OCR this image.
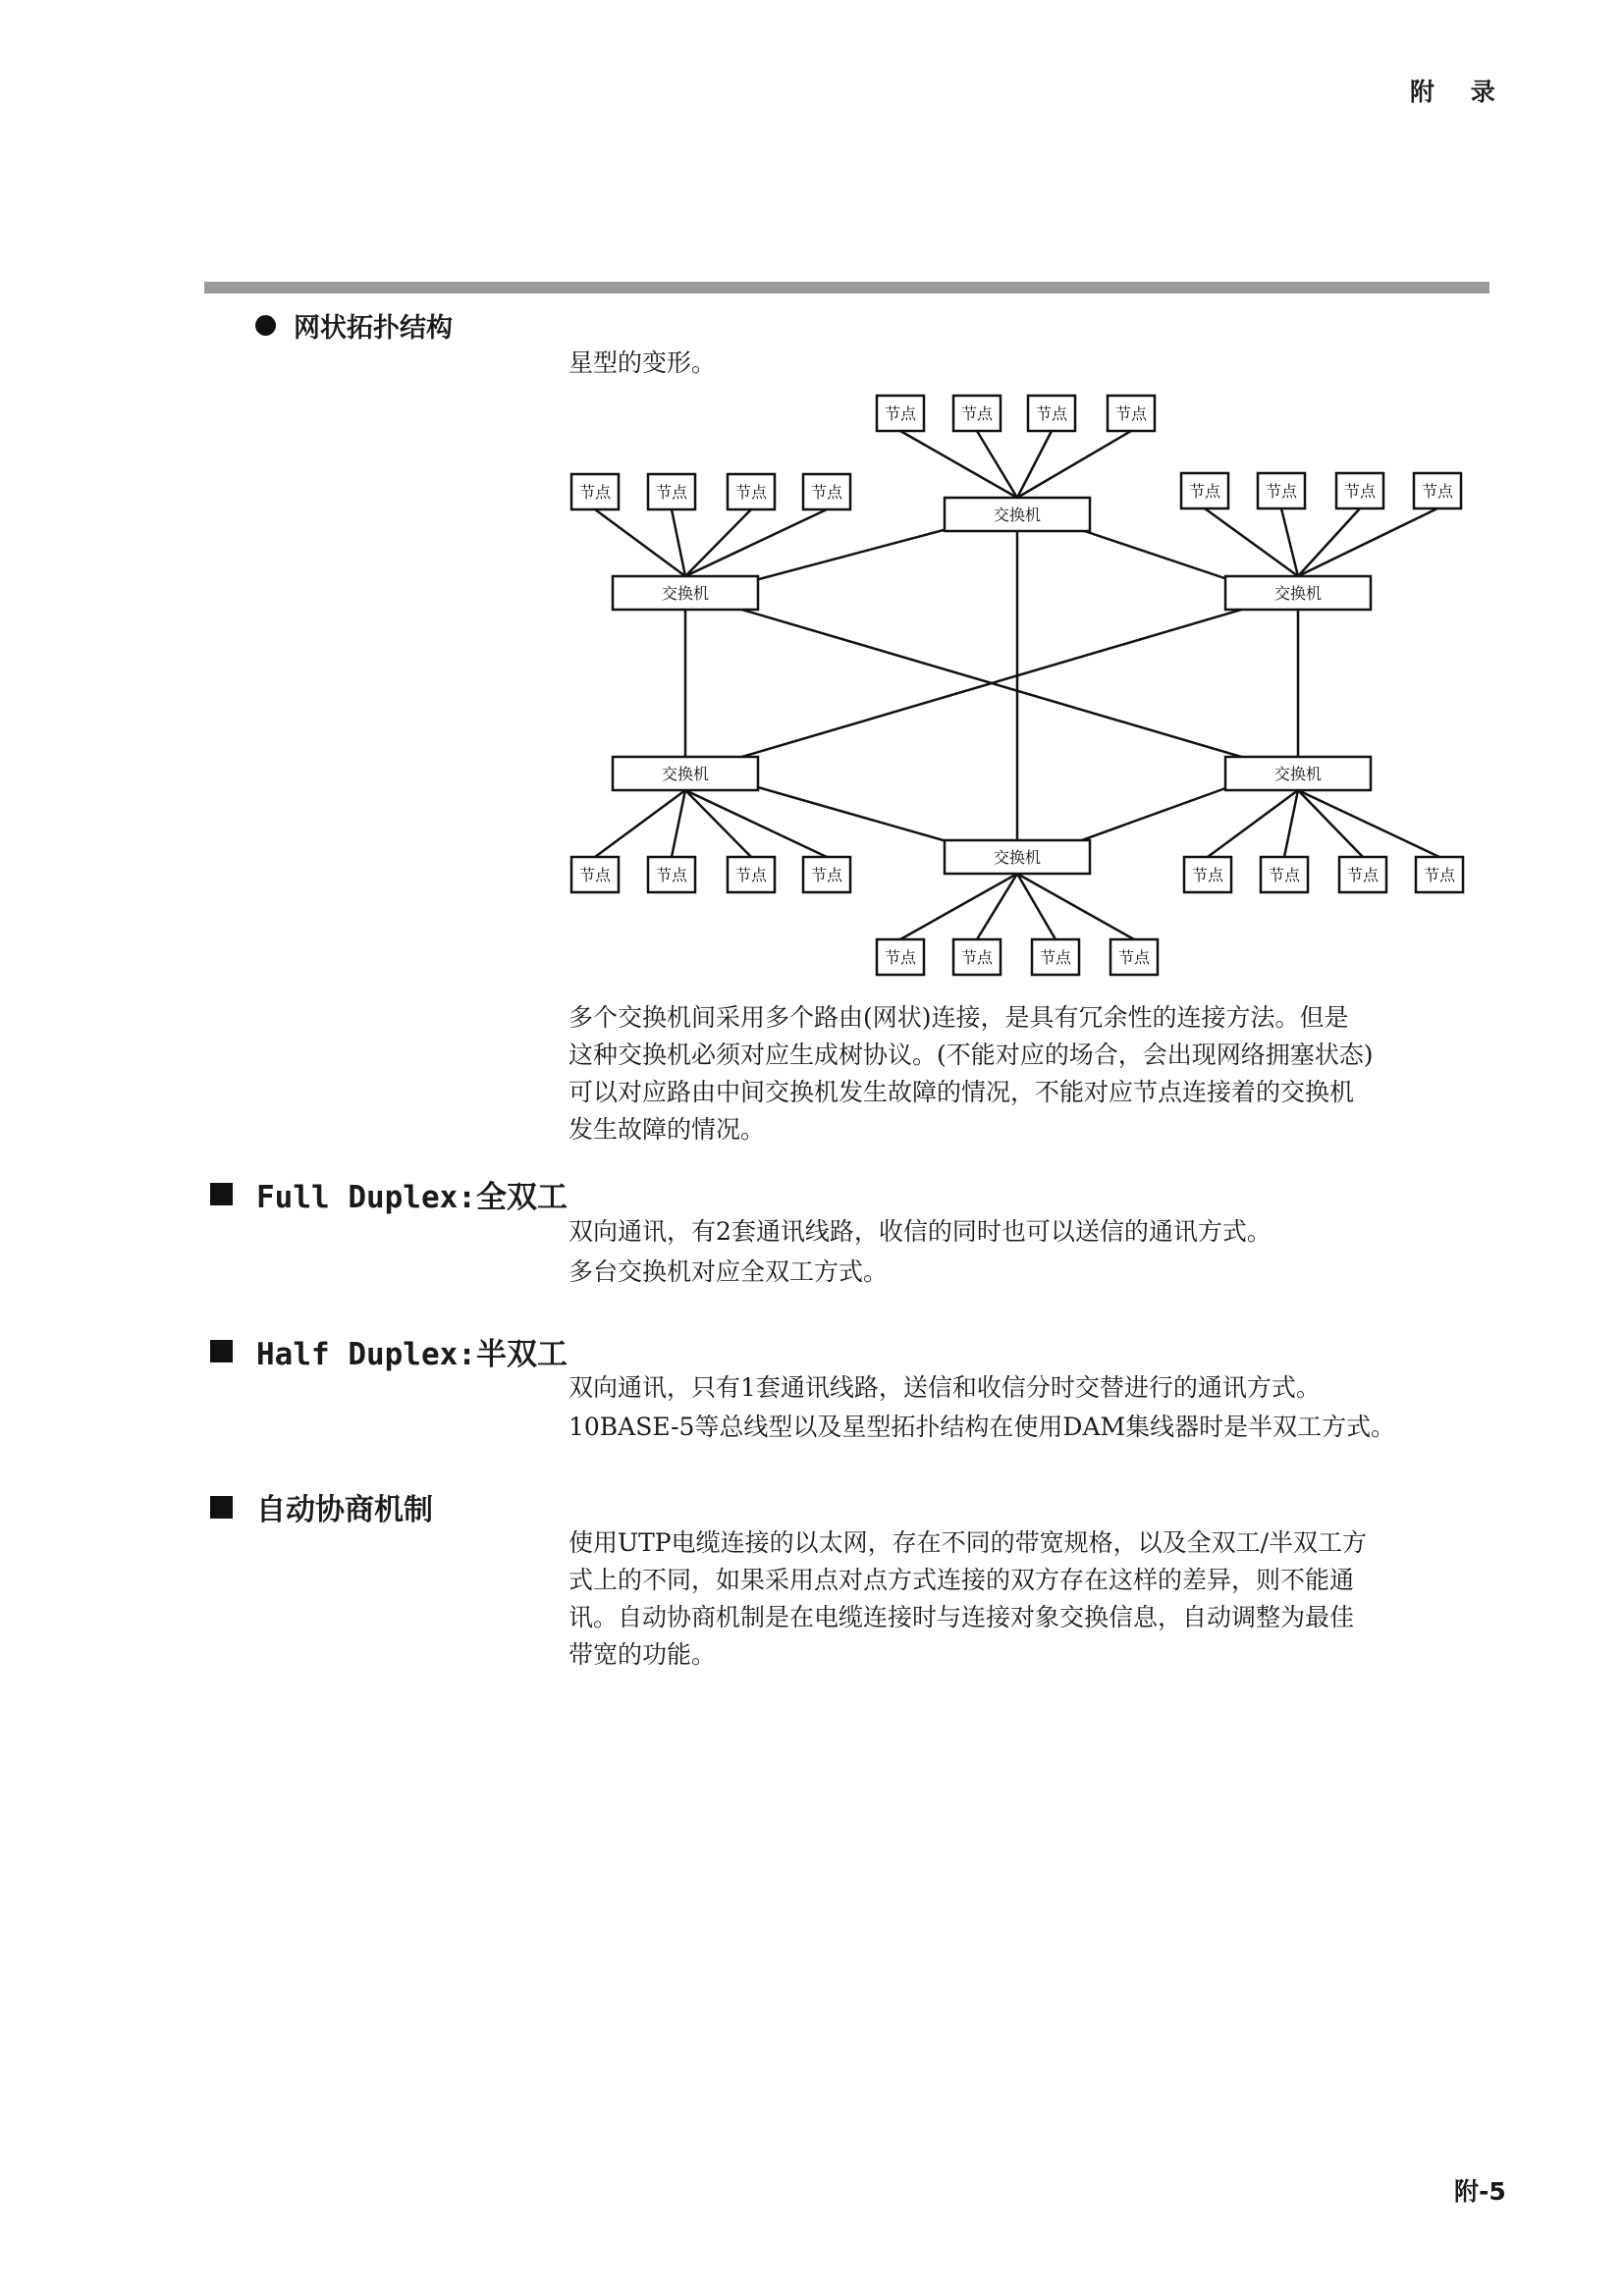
附 录
网状拓扑结构
星型的变形。
交换机
交换机	交换机
交换机	交换机
交换机
节点	节点	节点	节点
节点	节点	节点	节点	节点	节点	节点	节点
节点	节点	节点	节点	节点	节点	节点	节点
节点	节点	节点	节点
多个交换机间采用多个路由(网状)连接，是具有冗余性的连接方法。但是
这种交换机必须对应生成树协议。(不能对应的场合，会出现网络拥塞状态)
可以对应路由中间交换机发生故障的情况，不能对应节点连接着的交换机
发生故障的情况。
Full Duplex:全双工
双向通讯，有2套通讯线路，收信的同时也可以送信的通讯方式。
多台交换机对应全双工方式。
Half Duplex:半双工
双向通讯，只有1套通讯线路，送信和收信分时交替进行的通讯方式。
10BASE-5等总线型以及星型拓扑结构在使用DAM集线器时是半双工方式。
自动协商机制
使用UTP电缆连接的以太网，存在不同的带宽规格，以及全双工/半双工方
式上的不同，如果采用点对点方式连接的双方存在这样的差异，则不能通
讯。自动协商机制是在电缆连接时与连接对象交换信息，自动调整为最佳
带宽的功能。
附-5
